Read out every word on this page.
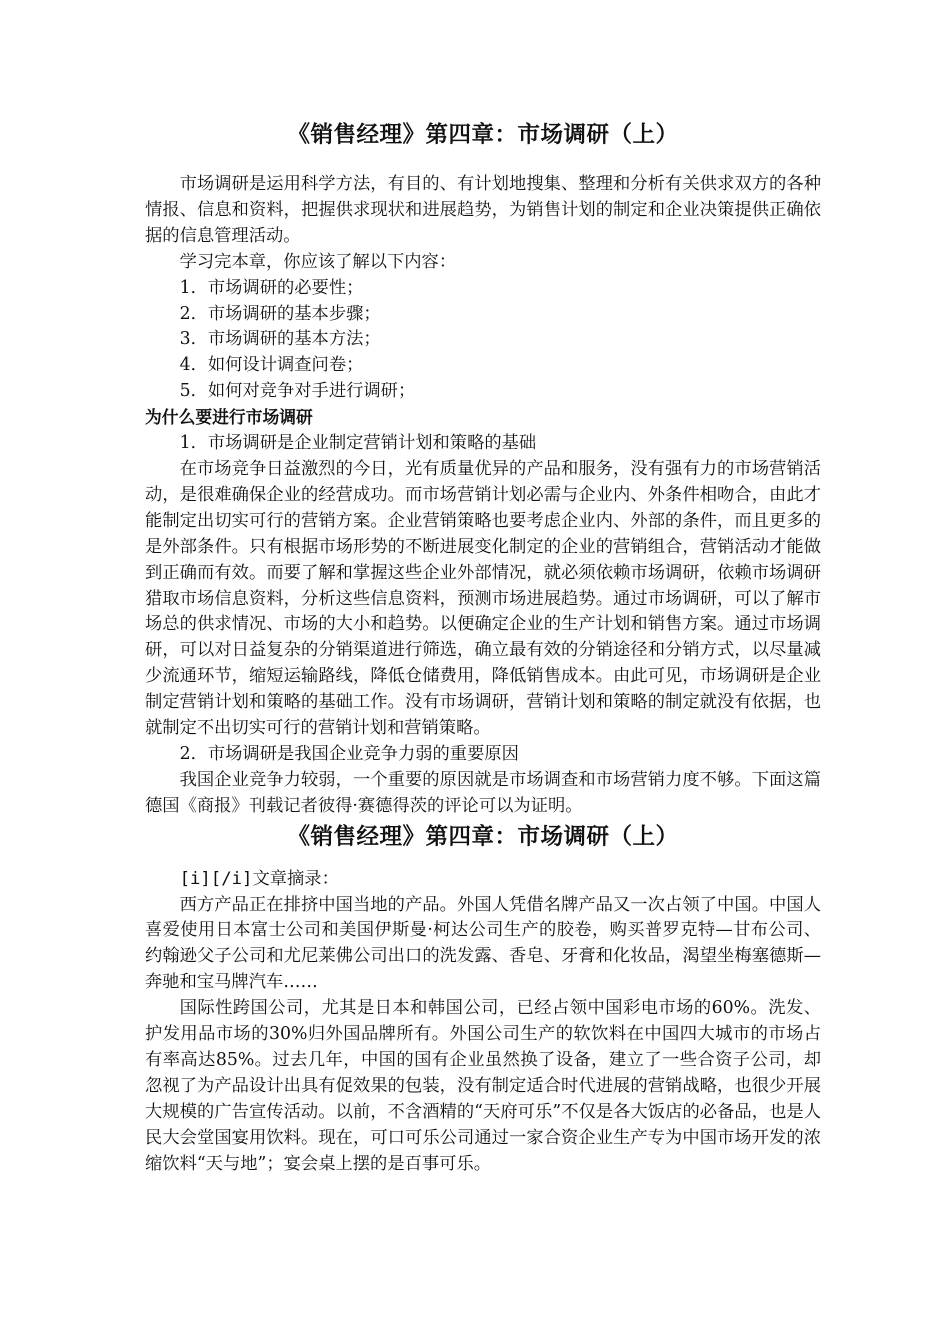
《销售经理》第四章：市场调研（上）

市场调研是运用科学方法，有目的、有计划地搜集、整理和分析有关供求双方的各种情报、信息和资料，把握供求现状和进展趋势，为销售计划的制定和企业决策提供正确依据的信息管理活动。

学习完本章，你应该了解以下内容：

1．市场调研的必要性；

2．市场调研的基本步骤；

3．市场调研的基本方法；

4．如何设计调查问卷；

5．如何对竞争对手进行调研；

为什么要进行市场调研

1．市场调研是企业制定营销计划和策略的基础

在市场竞争日益激烈的今日，光有质量优异的产品和服务，没有强有力的市场营销活动，是很难确保企业的经营成功。而市场营销计划必需与企业内、外条件相吻合，由此才能制定出切实可行的营销方案。企业营销策略也要考虑企业内、外部的条件，而且更多的是外部条件。只有根据市场形势的不断进展变化制定的企业的营销组合，营销活动才能做到正确而有效。而要了解和掌握这些企业外部情况，就必须依赖市场调研，依赖市场调研猎取市场信息资料，分析这些信息资料，预测市场进展趋势。通过市场调研，可以了解市场总的供求情况、市场的大小和趋势。以便确定企业的生产计划和销售方案。通过市场调研，可以对日益复杂的分销渠道进行筛选，确立最有效的分销途径和分销方式，以尽量减少流通环节，缩短运输路线，降低仓储费用，降低销售成本。由此可见，市场调研是企业制定营销计划和策略的基础工作。没有市场调研，营销计划和策略的制定就没有依据，也就制定不出切实可行的营销计划和营销策略。

2．市场调研是我国企业竞争力弱的重要原因

我国企业竞争力较弱，一个重要的原因就是市场调查和市场营销力度不够。下面这篇德国《商报》刊载记者彼得·赛德得茨的评论可以为证明。

《销售经理》第四章：市场调研（上）

[i][/i]文章摘录：

西方产品正在排挤中国当地的产品。外国人凭借名牌产品又一次占领了中国。中国人喜爱使用日本富士公司和美国伊斯曼·柯达公司生产的胶卷，购买普罗克特—甘布公司、约翰逊父子公司和尤尼莱佛公司出口的洗发露、香皂、牙膏和化妆品，渴望坐梅塞德斯—奔驰和宝马牌汽车……

国际性跨国公司，尤其是日本和韩国公司，已经占领中国彩电市场的60%。洗发、护发用品市场的30%归外国品牌所有。外国公司生产的软饮料在中国四大城市的市场占有率高达85%。过去几年，中国的国有企业虽然换了设备，建立了一些合资子公司，却忽视了为产品设计出具有促效果的包装，没有制定适合时代进展的营销战略，也很少开展大规模的广告宣传活动。以前，不含酒精的“天府可乐”不仅是各大饭店的必备品，也是人民大会堂国宴用饮料。现在，可口可乐公司通过一家合资企业生产专为中国市场开发的浓缩饮料“天与地”；宴会桌上摆的是百事可乐。
